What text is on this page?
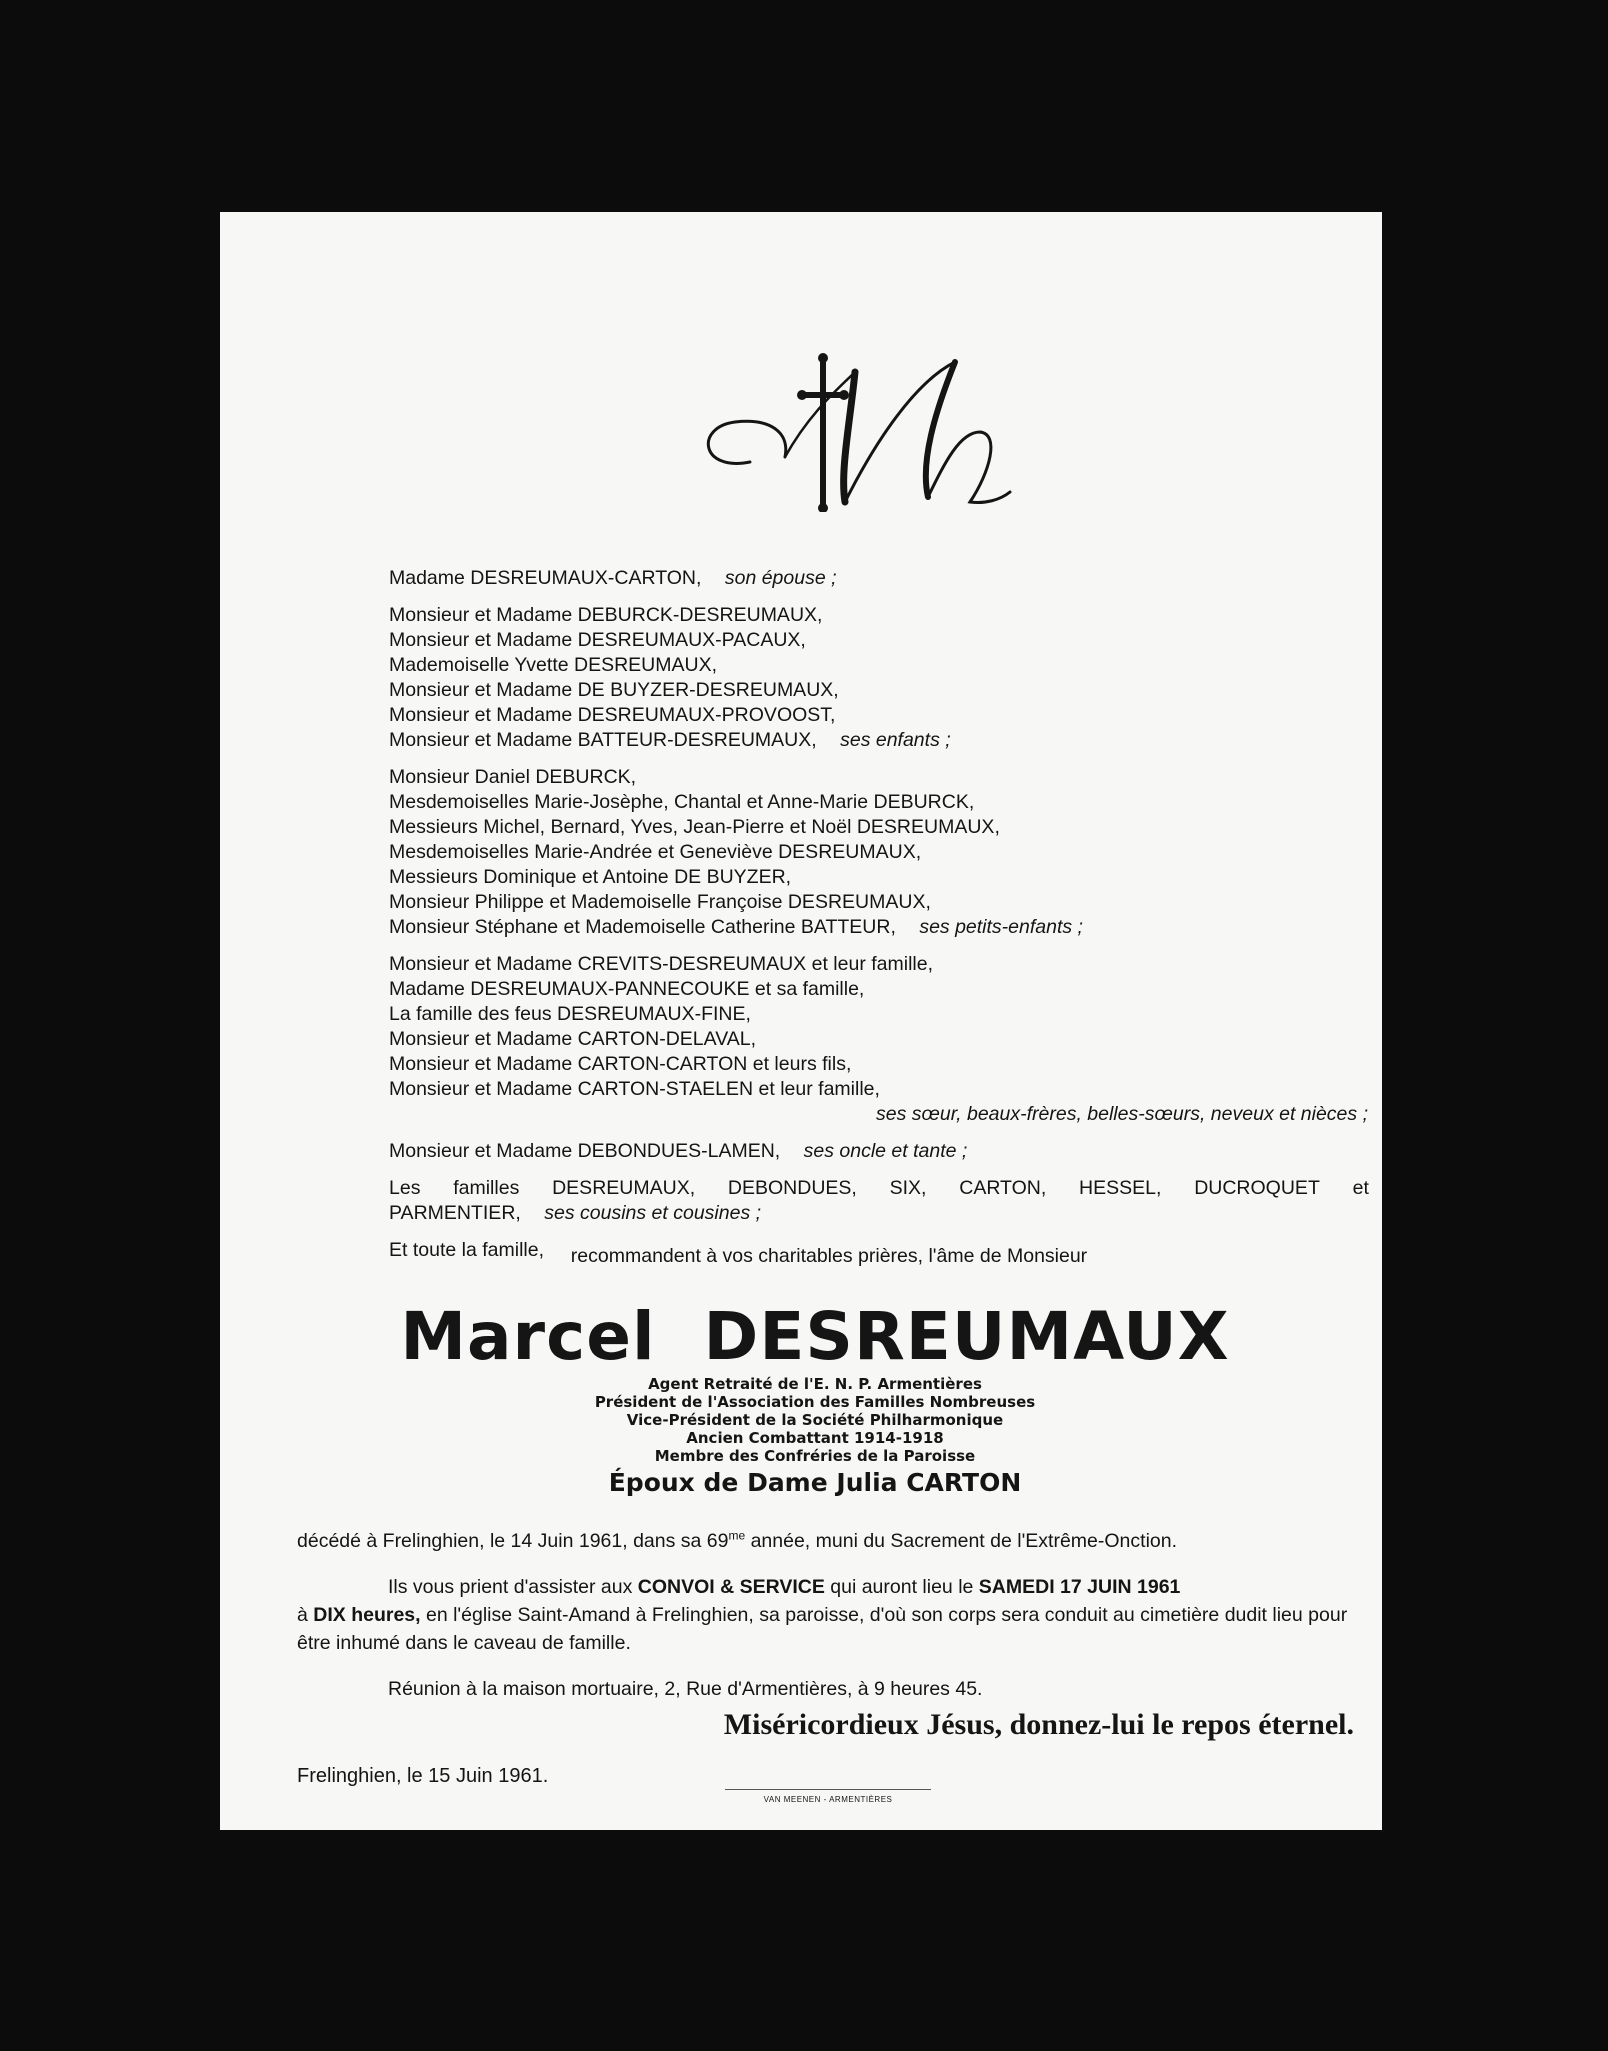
Madame DESREUMAUX-CARTON, son épouse ;
Monsieur et Madame DEBURCK-DESREUMAUX,
Monsieur et Madame DESREUMAUX-PACAUX,
Mademoiselle Yvette DESREUMAUX,
Monsieur et Madame DE BUYZER-DESREUMAUX,
Monsieur et Madame DESREUMAUX-PROVOOST,
Monsieur et Madame BATTEUR-DESREUMAUX, ses enfants ;
Monsieur Daniel DEBURCK,
Mesdemoiselles Marie-Josèphe, Chantal et Anne-Marie DEBURCK,
Messieurs Michel, Bernard, Yves, Jean-Pierre et Noël DESREUMAUX,
Mesdemoiselles Marie-Andrée et Geneviève DESREUMAUX,
Messieurs Dominique et Antoine DE BUYZER,
Monsieur Philippe et Mademoiselle Françoise DESREUMAUX,
Monsieur Stéphane et Mademoiselle Catherine BATTEUR, ses petits-enfants ;
Monsieur et Madame CREVITS-DESREUMAUX et leur famille,
Madame DESREUMAUX-PANNECOUKE et sa famille,
La famille des feus DESREUMAUX-FINE,
Monsieur et Madame CARTON-DELAVAL,
Monsieur et Madame CARTON-CARTON et leurs fils,
Monsieur et Madame CARTON-STAELEN et leur famille,
ses sœur, beaux-frères, belles-sœurs, neveux et nièces ;
Monsieur et Madame DEBONDUES-LAMEN, ses oncle et tante ;
Les familles DESREUMAUX, DEBONDUES, SIX, CARTON, HESSEL, DUCROQUET et
PARMENTIER, ses cousins et cousines ;
Et toute la famille,	recommandent à vos charitables prières, l'âme de Monsieur
Marcel  DESREUMAUX
Agent Retraité de l'E. N. P. Armentières
Président de l'Association des Familles Nombreuses
Vice-Président de la Société Philharmonique
Ancien Combattant 1914-1918
Membre des Confréries de la Paroisse
Époux de Dame Julia CARTON
décédé à Frelinghien, le 14 Juin 1961, dans sa $69^{me}$ année, muni du Sacrement de l'Extrême-Onction.
Ils vous prient d'assister aux CONVOI & SERVICE qui auront lieu le SAMEDI 17 JUIN 1961
à DIX heures, en l'église Saint-Amand à Frelinghien, sa paroisse, d'où son corps sera conduit au cimetière dudit lieu pour être inhumé dans le caveau de famille.
Réunion à la maison mortuaire, 2, Rue d'Armentières, à 9 heures 45.
Miséricordieux Jésus, donnez-lui le repos éternel.
Frelinghien, le 15 Juin 1961.
VAN MEENEN - ARMENTIÈRES
